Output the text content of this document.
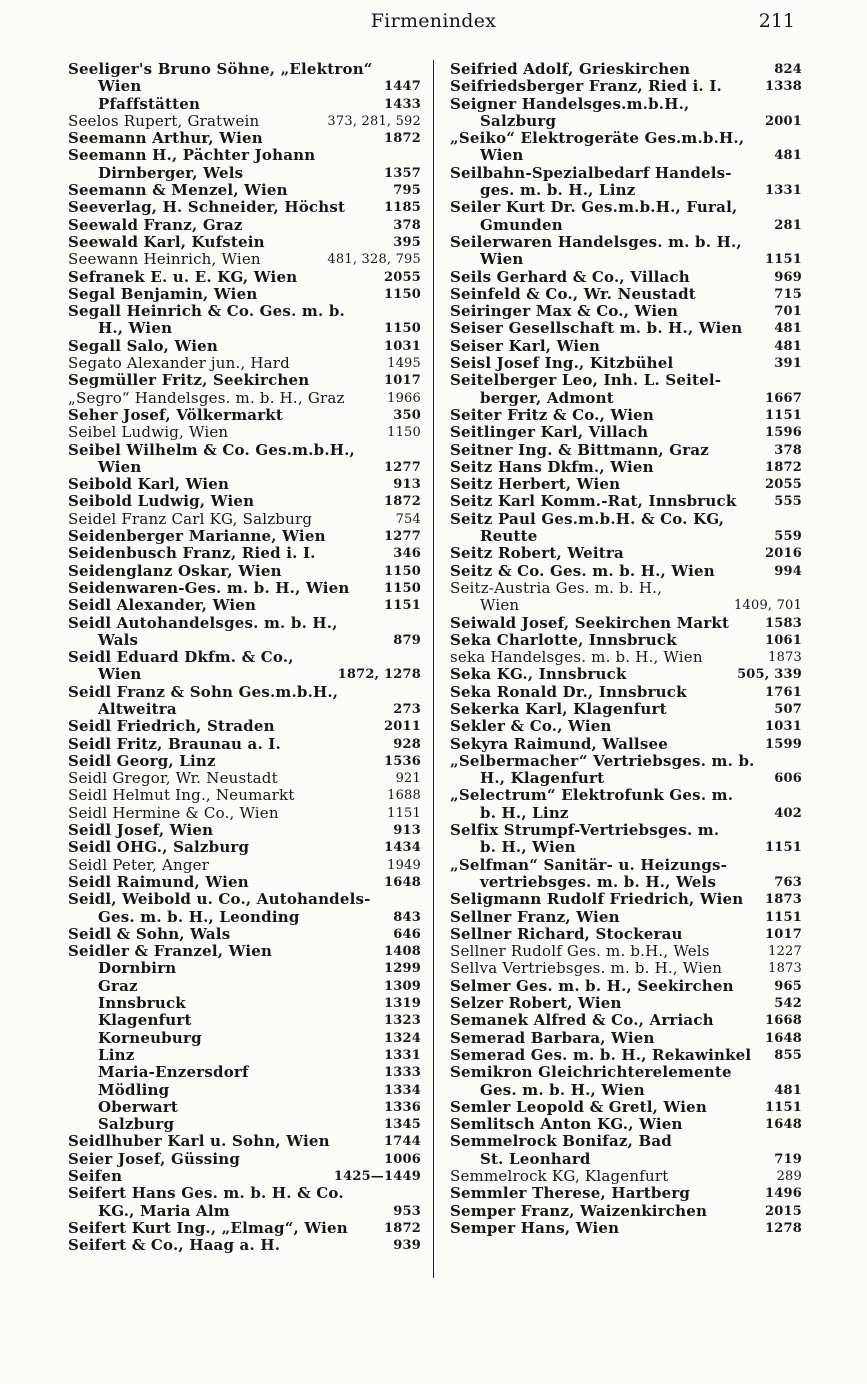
Firmenindex	211
Seeliger's Bruno Söhne, „Elektron“
Wien	1447
Pfaffstätten	1433
Seelos Rupert, Gratwein	373, 281, 592
Seemann Arthur, Wien	1872
Seemann H., Pächter Johann
Dirnberger, Wels	1357
Seemann & Menzel, Wien	795
Seeverlag, H. Schneider, Höchst	1185
Seewald Franz, Graz	378
Seewald Karl, Kufstein	395
Seewann Heinrich, Wien	481, 328, 795
Sefranek E. u. E. KG, Wien	2055
Segal Benjamin, Wien	1150
Segall Heinrich & Co. Ges. m. b.
H., Wien	1150
Segall Salo, Wien	1031
Segato Alexander jun., Hard	1495
Segmüller Fritz, Seekirchen	1017
„Segro“ Handelsges. m. b. H., Graz	1966
Seher Josef, Völkermarkt	350
Seibel Ludwig, Wien	1150
Seibel Wilhelm & Co. Ges.m.b.H.,
Wien	1277
Seibold Karl, Wien	913
Seibold Ludwig, Wien	1872
Seidel Franz Carl KG, Salzburg	754
Seidenberger Marianne, Wien	1277
Seidenbusch Franz, Ried i. I.	346
Seidenglanz Oskar, Wien	1150
Seidenwaren-Ges. m. b. H., Wien	1150
Seidl Alexander, Wien	1151
Seidl Autohandelsges. m. b. H.,
Wals	879
Seidl Eduard Dkfm. & Co.,
Wien	1872, 1278
Seidl Franz & Sohn Ges.m.b.H.,
Altweitra	273
Seidl Friedrich, Straden	2011
Seidl Fritz, Braunau a. I.	928
Seidl Georg, Linz	1536
Seidl Gregor, Wr. Neustadt	921
Seidl Helmut Ing., Neumarkt	1688
Seidl Hermine & Co., Wien	1151
Seidl Josef, Wien	913
Seidl OHG., Salzburg	1434
Seidl Peter, Anger	1949
Seidl Raimund, Wien	1648
Seidl, Weibold u. Co., Autohandels-
Ges. m. b. H., Leonding	843
Seidl & Sohn, Wals	646
Seidler & Franzel, Wien	1408
Dornbirn	1299
Graz	1309
Innsbruck	1319
Klagenfurt	1323
Korneuburg	1324
Linz	1331
Maria-Enzersdorf	1333
Mödling	1334
Oberwart	1336
Salzburg	1345
Seidlhuber Karl u. Sohn, Wien	1744
Seier Josef, Güssing	1006
Seifen	1425—1449
Seifert Hans Ges. m. b. H. & Co.
KG., Maria Alm	953
Seifert Kurt Ing., „Elmag“, Wien	1872
Seifert & Co., Haag a. H.	939
Seifried Adolf, Grieskirchen	824
Seifriedsberger Franz, Ried i. I.	1338
Seigner Handelsges.m.b.H.,
Salzburg	2001
„Seiko“ Elektrogeräte Ges.m.b.H.,
Wien	481
Seilbahn-Spezialbedarf Handels-
ges. m. b. H., Linz	1331
Seiler Kurt Dr. Ges.m.b.H., Fural,
Gmunden	281
Seilerwaren Handelsges. m. b. H.,
Wien	1151
Seils Gerhard & Co., Villach	969
Seinfeld & Co., Wr. Neustadt	715
Seiringer Max & Co., Wien	701
Seiser Gesellschaft m. b. H., Wien 481
Seiser Karl, Wien	481
Seisl Josef Ing., Kitzbühel	391
Seitelberger Leo, Inh. L. Seitel-
berger, Admont	1667
Seiter Fritz & Co., Wien	1151
Seitlinger Karl, Villach	1596
Seitner Ing. & Bittmann, Graz	378
Seitz Hans Dkfm., Wien	1872
Seitz Herbert, Wien	2055
Seitz Karl Komm.-Rat, Innsbruck	555
Seitz Paul Ges.m.b.H. & Co. KG,
Reutte	559
Seitz Robert, Weitra	2016
Seitz & Co. Ges. m. b. H., Wien	994
Seitz-Austria Ges. m. b. H.,
Wien	1409, 701
Seiwald Josef, Seekirchen Markt	1583
Seka Charlotte, Innsbruck	1061
seka Handelsges. m. b. H., Wien	1873
Seka KG., Innsbruck	505, 339
Seka Ronald Dr., Innsbruck	1761
Sekerka Karl, Klagenfurt	507
Sekler & Co., Wien	1031
Sekyra Raimund, Wallsee	1599
„Selbermacher“ Vertriebsges. m. b.
H., Klagenfurt	606
„Selectrum“ Elektrofunk Ges. m.
b. H., Linz	402
Selfix Strumpf-Vertriebsges. m.
b. H., Wien	1151
„Selfman“ Sanitär- u. Heizungs-
vertriebsges. m. b. H., Wels	763
Seligmann Rudolf Friedrich, Wien 1873
Sellner Franz, Wien	1151
Sellner Richard, Stockerau	1017
Sellner Rudolf Ges. m. b.H., Wels	1227
Sellva Vertriebsges. m. b. H., Wien	1873
Selmer Ges. m. b. H., Seekirchen	965
Selzer Robert, Wien	542
Semanek Alfred & Co., Arriach	1668
Semerad Barbara, Wien	1648
Semerad Ges. m. b. H., Rekawinkel 855
Semikron Gleichrichterelemente
Ges. m. b. H., Wien	481
Semler Leopold & Gretl, Wien	1151
Semlitsch Anton KG., Wien	1648
Semmelrock Bonifaz, Bad
St. Leonhard	719
Semmelrock KG, Klagenfurt	289
Semmler Therese, Hartberg	1496
Semper Franz, Waizenkirchen	2015
Semper Hans, Wien	1278
